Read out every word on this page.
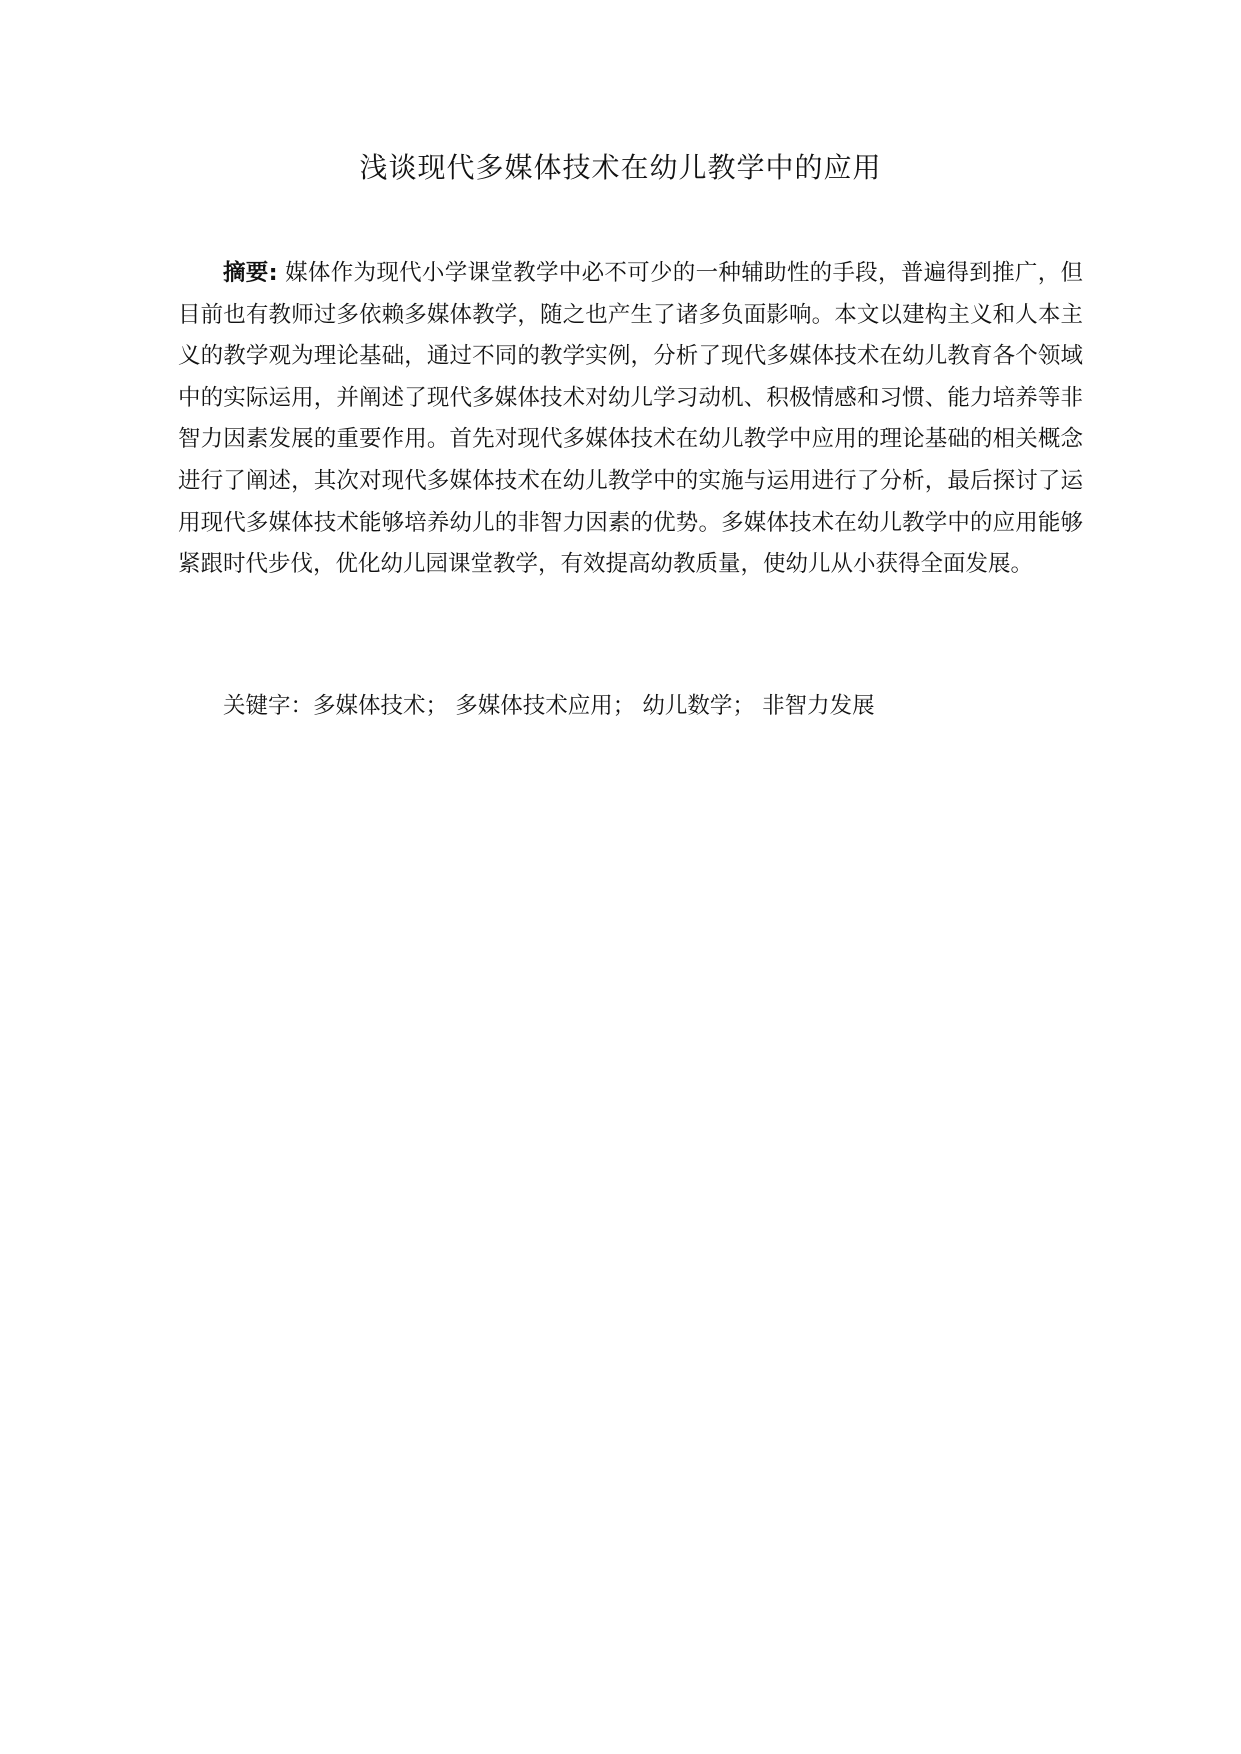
浅谈现代多媒体技术在幼儿教学中的应用

摘要: 媒体作为现代小学课堂教学中必不可少的一种辅助性的手段，普遍得到推广，但目前也有教师过多依赖多媒体教学，随之也产生了诸多负面影响。本文以建构主义和人本主义的教学观为理论基础，通过不同的教学实例，分析了现代多媒体技术在幼儿教育各个领域中的实际运用，并阐述了现代多媒体技术对幼儿学习动机、积极情感和习惯、能力培养等非智力因素发展的重要作用。首先对现代多媒体技术在幼儿教学中应用的理论基础的相关概念进行了阐述，其次对现代多媒体技术在幼儿教学中的实施与运用进行了分析，最后探讨了运用现代多媒体技术能够培养幼儿的非智力因素的优势。多媒体技术在幼儿教学中的应用能够紧跟时代步伐，优化幼儿园课堂教学，有效提高幼教质量，使幼儿从小获得全面发展。

关键字：多媒体技术； 多媒体技术应用； 幼儿数学； 非智力发展
